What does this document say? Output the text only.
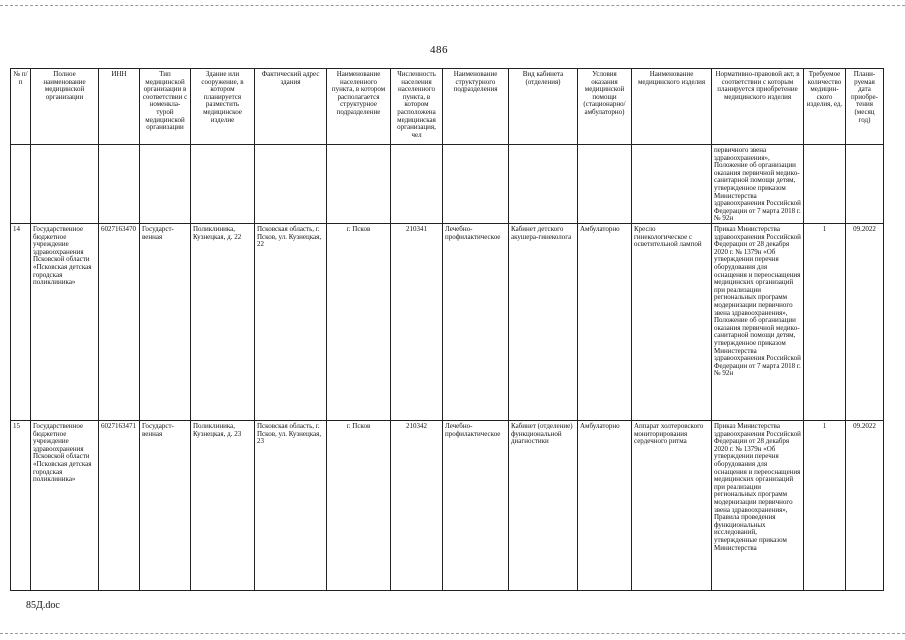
486
№ п/п	Полное наименование медицинской организации	ИНН	Тип медицинской организации в соответствии с номенкла-турой медицинской организации	Здание или сооружение, в котором планируется разместить медицинское изделие	Фактический адрес здания	Наименование населенного пункта, в котором располагается структурное подразделение	Численность населения населенного пункта, в котором расположена медицинская организация, чел	Наименование структурного подразделения	Вид кабинета (отделения)	Условия оказания медицинской помощи (стационарно/ амбулаторно)	Наименование медицинского изделия	Нормативно-правовой акт, в соответствии с которым планируется приобретение медицинского изделия	Требуемое количество медицин-ского изделия, ед.	Плани-руемая дата приобре-тения (месяц год)
												первичного звена здравоохранения», Положение об организации оказания первичной медико-санитарной помощи детям, утвержденное приказом Министерства здравоохранения Российской Федерации от 7 марта 2018 г. № 92н		
14	Государственное бюджетное учреждение здравоохранения Псковской области «Псковская детская городская поликлиника»	6027163470	Государст-венная	Поликлиника, Кузнецкая, д. 22	Псковская область, г. Псков, ул. Кузнецкая, 22	г. Псков	210341	Лечебно-профилактическое	Кабинет детского акушера-гинеколога	Амбулаторно	Кресло гинекологическое с осветительной лампой	Приказ Министерства здравоохранения Российской Федерации от 28 декабря 2020 г. № 1379н «Об утверждении перечня оборудования для оснащения и переоснащения медицинских организаций при реализации региональных программ модернизации первичного звена здравоохранения», Положение об организации оказания первичной медико-санитарной помощи детям, утвержденное приказом Министерства здравоохранения Российской Федерации от 7 марта 2018 г. № 92н	1	09.2022
15	Государственное бюджетное учреждение здравоохранения Псковской области «Псковская детская городская поликлиника»	6027163471	Государст-венная	Поликлиника, Кузнецкая, д. 23	Псковская область, г. Псков, ул. Кузнецкая, 23	г. Псков	210342	Лечебно-профилактическое	Кабинет (отделение) функциональной диагностики	Амбулаторно	Аппарат холтеровского мониторирования сердечного ритма	Приказ Министерства здравоохранения Российской Федерации от 28 декабря 2020 г. № 1379н «Об утверждении перечня оборудования для оснащения и переоснащения медицинских организаций при реализации региональных программ модернизации первичного звена здравоохранения», Правила проведения функциональных исследований, утвержденные приказом Министерства	1	09.2022
85Д.doc
